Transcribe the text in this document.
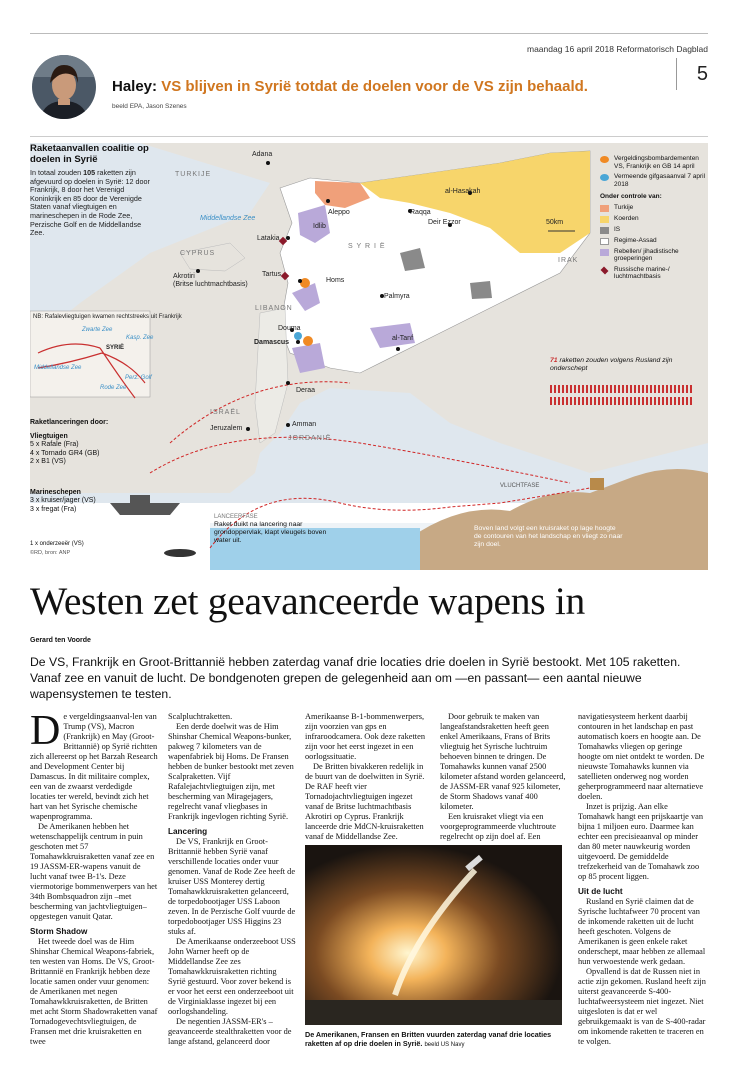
maandag 16 april 2018 Reformatorisch Dagblad
5
Haley: VS blijven in Syrië totdat de doelen voor de VS zijn behaald.
beeld EPA, Jason Szenes
Raketaanvallen coalitie op doelen in Syrië
In totaal zouden 105 raketten zijn afgevuurd op doelen in Syrië: 12 door Frankrijk, 8 door het Verenigd Koninkrijk en 85 door de Verenigde Staten vanaf vliegtuigen en marineschepen in de Rode Zee, Perzische Golf en de Middellandse Zee.
NB: Rafalevliegtuigen kwamen rechtstreeks uit Frankrijk
Zwarte Zee
Kasp. Zee
Middellandse Zee
SYRIË
Rode Zee
Perz. Golf
TURKIJE
Adana
Middellandse Zee
CYPRUS
Aleppo
Idlib
Raqqa
al-Hasakah
Deir Ezzor
S Y R I Ë
IRAK
Latakia
Tartus
Homs
Palmyra
Akrotiri
(Britse luchtmachtbasis)
LIBANON
Douma
Damascus
al-Tanf
Deraa
ISRAËL
Jeruzalem
Amman
JORDANIË
50km
Vergeldingsbombardementen VS, Frankrijk en GB 14 april
Vermeende gifgasaanval 7 april 2018
Onder controle van:
Turkije
Koerden
IS
Regime-Assad
Rebellen/ jihadistische groeperingen
Russische marine-/ luchtmachtbasis
71 raketten zouden volgens Rusland zijn onderschept
Raketlanceringen door:
Vliegtuigen
5 x Rafale (Fra)
4 x Tornado GR4 (GB)
2 x B1 (VS)
Marineschepen
3 x kruiser/jager (VS)
3 x fregat (Fra)
1 x onderzeeër (VS)
©RD, bron: ANP
LANCEERFASE
Raket duikt na lancering naar grondoppervlak, klapt vleugels boven water uit.
VLUCHTFASE
Boven land volgt een kruisraket op lage hoogte de contouren van het landschap en vliegt zo naar zijn doel.
Westen zet geavanceerde wapens in
Gerard ten Voorde
De VS, Frankrijk en Groot-Brittannië hebben zaterdag vanaf drie locaties drie doelen in Syrië bestookt. Met 105 raketten. Vanaf zee en vanuit de lucht. De bondgenoten grepen de gelegenheid aan om —en passant— een aantal nieuwe wapensystemen te testen.

De vergeldingsaanval-len van Trump (VS), Macron (Frankrijk) en May (Groot-Brittannië) op Syrië richtten zich allereerst op het Barzah Research and Development Center bij Damascus. In dit militaire complex, een van de zwaarst verdedigde locaties ter wereld, bevindt zich het hart van het Syrische chemische wapenprogramma.

De Amerikanen hebben het wetenschappelijk centrum in puin geschoten met 57 Tomahawkkruisraketten vanaf zee en 19 JASSM-ER-wapens vanuit de lucht vanaf twee B-1's. Deze viermotorige bommenwerpers van het 34th Bombsquadron zijn –met bescherming van jachtvliegtuigen– opgestegen vanuit Qatar.

Storm Shadow

Het tweede doel was de Him Shinshar Chemical Weapons-fabriek, ten westen van Homs. De VS, Groot-Brittannië en Frankrijk hebben deze locatie samen onder vuur genomen: de Amerikanen met negen Tomahawkkruisraketten, de Britten met acht Storm Shadowraketten vanaf Tornadogevechtsvliegtuigen, de Fransen met drie kruisraketten en twee

Scalpluchtraketten.

Een derde doelwit was de Him Shinshar Chemical Weapons-bunker, pakweg 7 kilometers van de wapenfabriek bij Homs. De Fransen hebben de bunker bestookt met zeven Scalpraketten. Vijf Rafalejachtvliegtuigen zijn, met bescherming van Miragejagers, regelrecht vanaf vliegbases in Frankrijk ingevlogen richting Syrië.

Lancering

De VS, Frankrijk en Groot-Brittannië hebben Syrië vanaf verschillende locaties onder vuur genomen. Vanaf de Rode Zee heeft de kruiser USS Monterey dertig Tomahawkkruisraketten gelanceerd, de torpedobootjager USS Laboon zeven. In de Perzische Golf vuurde de torpedobootjager USS Higgins 23 stuks af.

De Amerikaanse onderzeeboot USS John Warner heeft op de Middellandse Zee zes Tomahawkkruisraketten richting Syrië gestuurd. Voor zover bekend is er voor het eerst een onderzeeboot uit de Virginiaklasse ingezet bij een oorlogshandeling.

De negentien JASSM-ER's –geavanceerde stealthraketten voor de lange afstand, gelanceerd door

Amerikaanse B-1-bommenwerpers, zijn voorzien van gps en infraroodcamera. Ook deze raketten zijn voor het eerst ingezet in een oorlogssituatie.

De Britten bivakkeren redelijk in de buurt van de doelwitten in Syrië. De RAF heeft vier Tornadojachtvliegtuigen ingezet vanaf de Britse luchtmachtbasis Akrotiri op Cyprus. Frankrijk lanceerde drie MdCN-kruisraketten vanaf de Middellandse Zee.

Door gebruik te maken van langeafstandsraketten heeft geen enkel Amerikaans, Frans of Brits vliegtuig het Syrische luchtruim behoeven binnen te dringen. De Tomahawks kunnen vanaf 2500 kilometer afstand worden gelanceerd, de JASSM-ER vanaf 925 kilometer, de Storm Shadows vanaf 400 kilometer.

Een kruisraket vliegt via een voorgeprogrammeerde vluchtroute regelrecht op zijn doel af. Een

navigatiesysteem herkent daarbij contouren in het landschap en past automatisch koers en hoogte aan. De Tomahawks vliegen op geringe hoogte om niet ontdekt te worden. De nieuwste Tomahawks kunnen via satellieten onderweg nog worden geherprogrammeerd naar alternatieve doelen.

Inzet is prijzig. Aan elke Tomahawk hangt een prijskaartje van bijna 1 miljoen euro. Daarmee kan echter een precisieaanval op minder dan 80 meter nauwkeurig worden uitgevoerd. De gemiddelde trefzekerheid van de Tomahawk zoo op 85 procent liggen.

Uit de lucht

Rusland en Syrië claimen dat de Syrische luchtafweer 70 procent van de inkomende raketten uit de lucht heeft geschoten. Volgens de Amerikanen is geen enkele raket onderschept, maar hebben ze allemaal hun verwoestende werk gedaan.

Opvallend is dat de Russen niet in actie zijn gekomen. Rusland heeft zijn uiterst geavanceerde S-400-luchtafweersysteem niet ingezet. Niet uitgesloten is dat er wel gebruikgemaakt is van de S-400-radar om inkomende raketten te traceren en te volgen.

De Amerikanen, Fransen en Britten vuurden zaterdag vanaf drie locaties raketten af op drie doelen in Syrië. beeld US Navy
